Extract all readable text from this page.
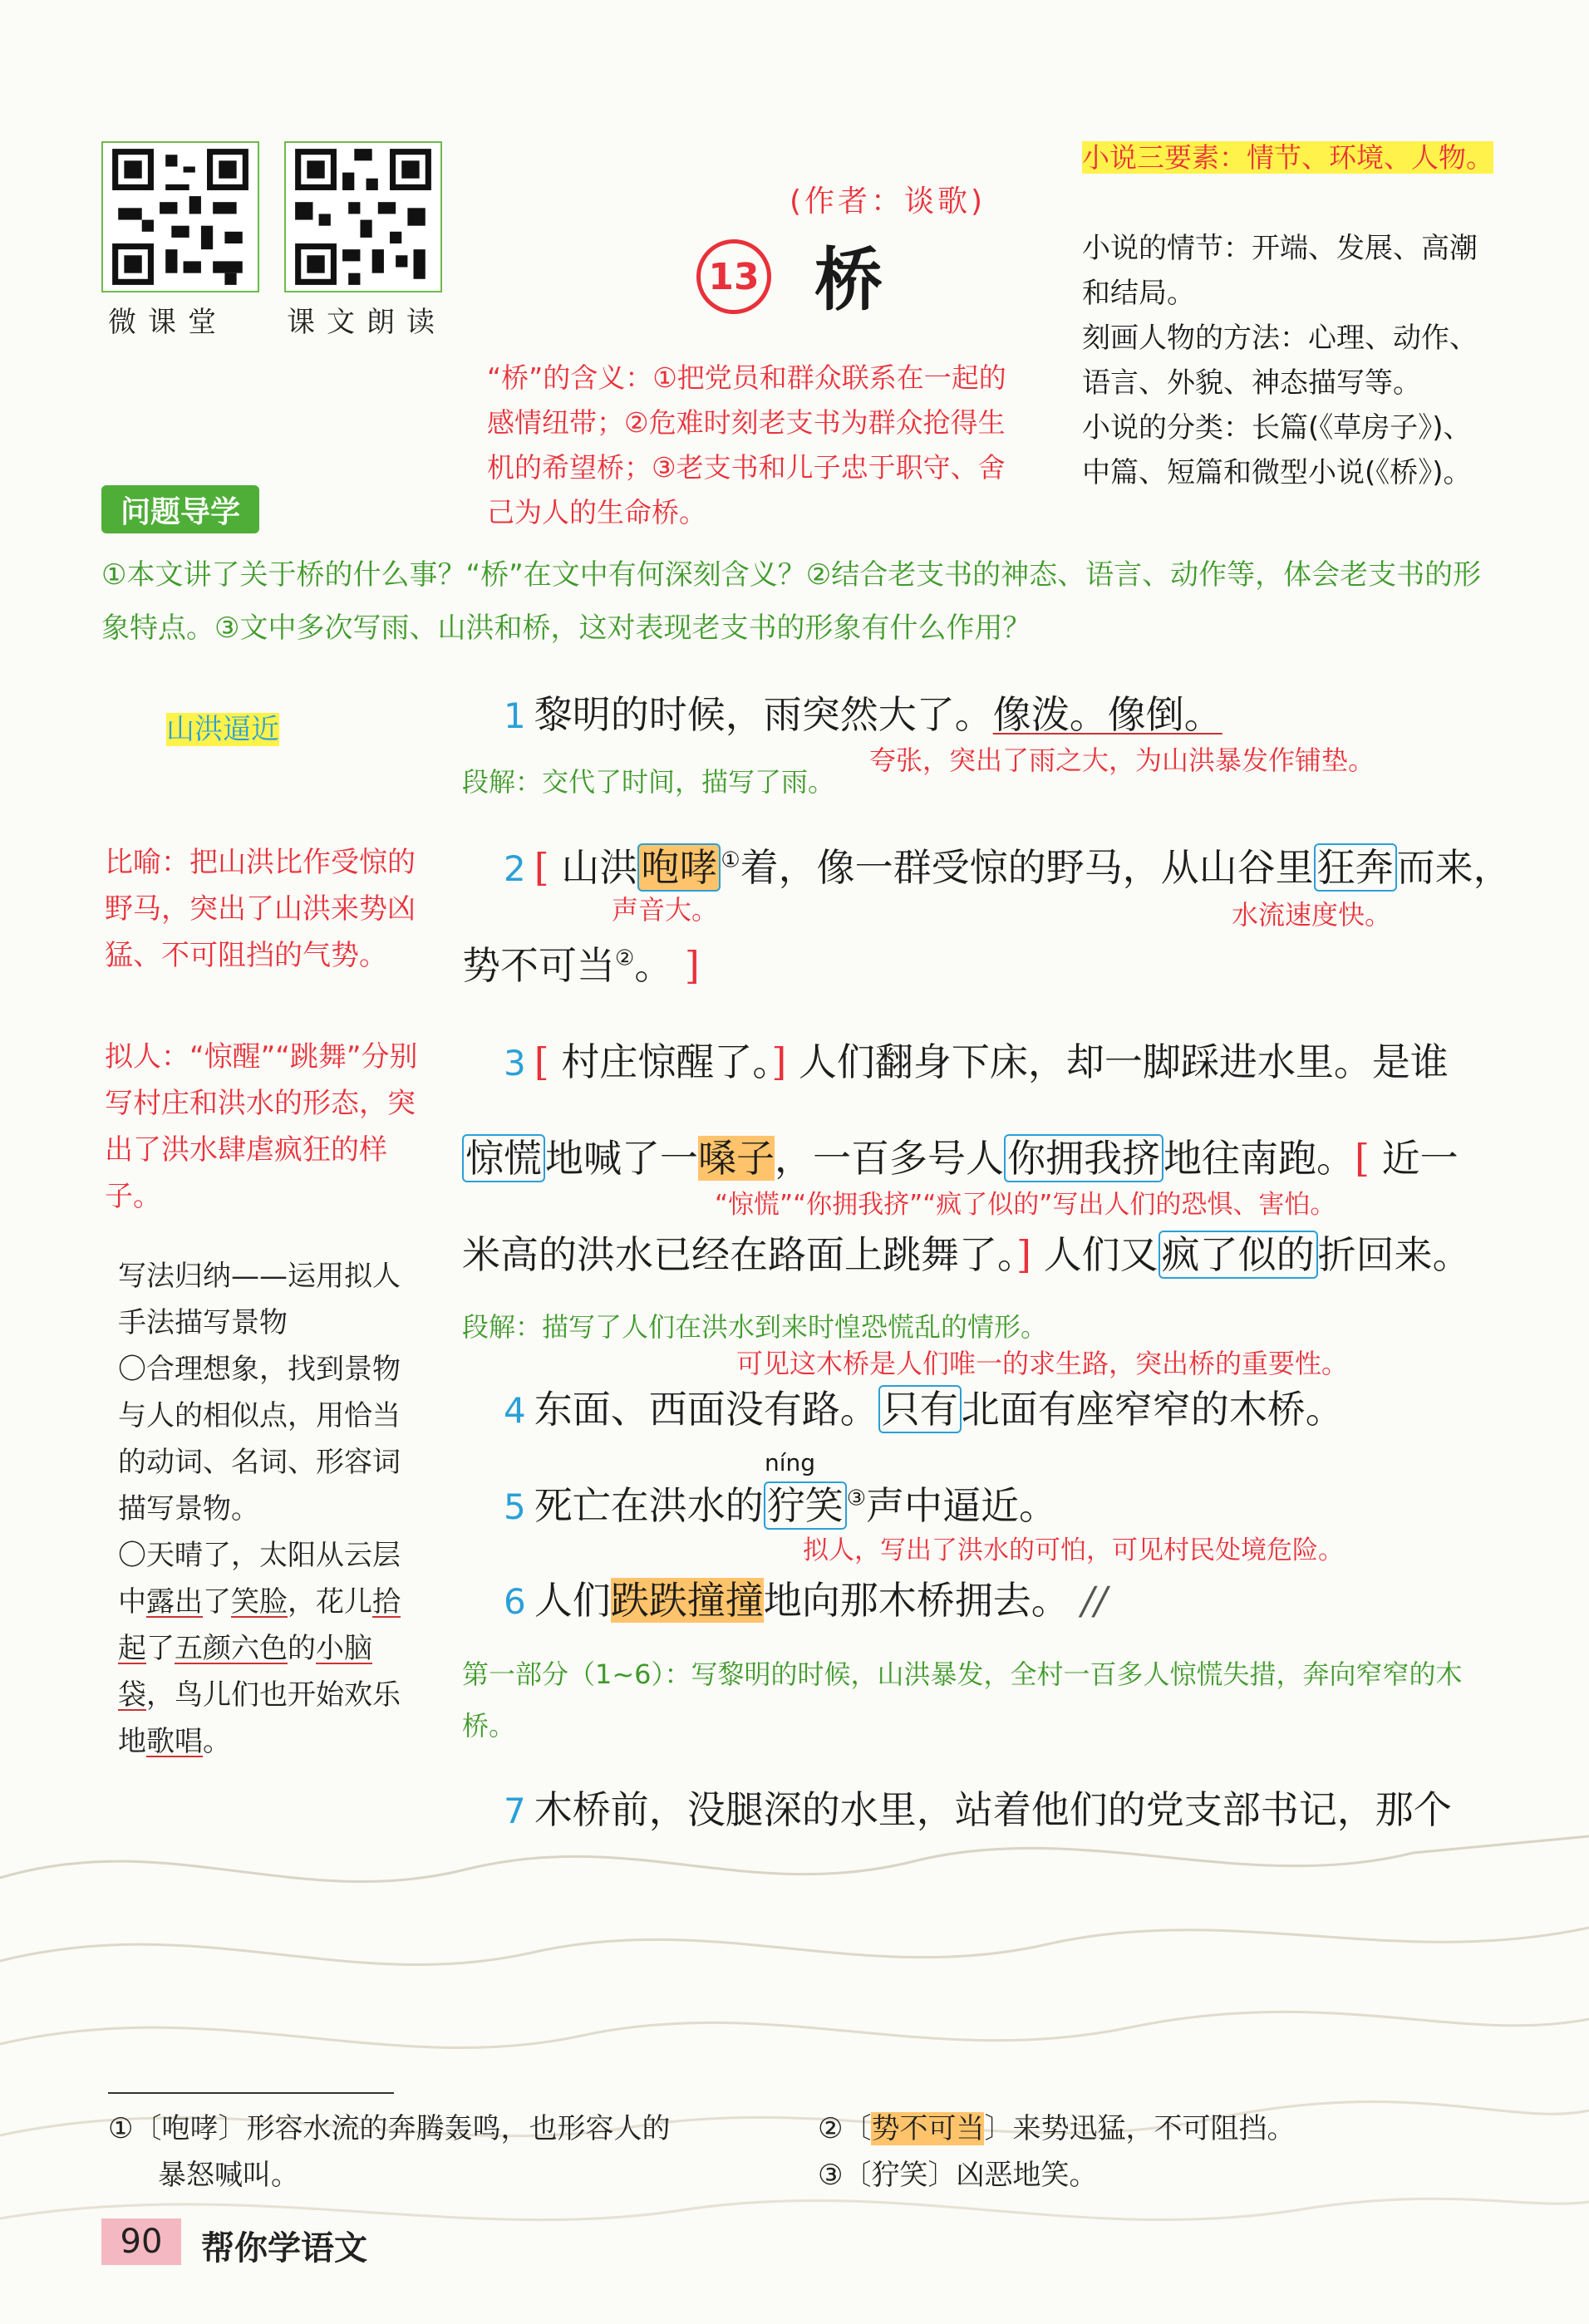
微课堂 课文朗读
(作者：谈歌)
13 桥
“桥”的含义：①把党员和群众联系在一起的感情纽带；②危难时刻老支书为群众抢得生机的希望桥；③老支书和儿子忠于职守、舍己为人的生命桥。
小说三要素：情节、环境、人物。
小说的情节：开端、发展、高潮和结局。
刻画人物的方法：心理、动作、语言、外貌、神态描写等。
小说的分类：长篇(《草房子》)、中篇、短篇和微型小说(《桥》)。
问题导学
①本文讲了关于桥的什么事？“桥”在文中有何深刻含义？②结合老支书的神态、语言、动作等，体会老支书的形象特点。③文中多次写雨、山洪和桥，这对表现老支书的形象有什么作用？
山洪逼近
比喻：把山洪比作受惊的野马，突出了山洪来势凶猛、不可阻挡的气势。
拟人：“惊醒”“跳舞”分别写村庄和洪水的形态，突出了洪水肆虐疯狂的样子。
写法归纳——运用拟人手法描写景物
〇合理想象，找到景物与人的相似点，用恰当的动词、名词、形容词描写景物。
〇天晴了，太阳从云层中露出了笑脸，花儿拾起了五颜六色的小脑袋，鸟儿们也开始欢乐地歌唱。
1 黎明的时候，雨突然大了。像泼。像倒。
夸张，突出了雨之大，为山洪暴发作铺垫。
段解：交代了时间，描写了雨。
2 [ 山洪咆哮 ①着，像一群受惊的野马，从山谷里狂奔而来，
声音大。	水流速度快。
势不可当②。 ]
3 [ 村庄惊醒了。] 人们翻身下床，却一脚踩进水里。是谁
惊慌地喊了一嗓子，一百多号人你拥我挤地往南跑。[ 近一
“惊慌”“你拥我挤”“疯了似的”写出人们的恐惧、害怕。
米高的洪水已经在路面上跳舞了。] 人们又疯了似的折回来。
段解：描写了人们在洪水到来时惶恐慌乱的情形。
可见这木桥是人们唯一的求生路，突出桥的重要性。
4 东面、西面没有路。只有北面有座窄窄的木桥。
níng
5 死亡在洪水的狞笑 ③声中逼近。
拟人，写出了洪水的可怕，可见村民处境危险。
6 人们跌跌撞撞地向那木桥拥去。 //
第一部分（1~6）：写黎明的时候，山洪暴发，全村一百多人惊慌失措，奔向窄窄的木桥。
7 木桥前，没腿深的水里，站着他们的党支部书记，那个
①〔咆哮〕形容水流的奔腾轰鸣，也形容人的
暴怒喊叫。
②〔势不可当〕来势迅猛，不可阻挡。
③〔狞笑〕凶恶地笑。
90 帮你学语文
